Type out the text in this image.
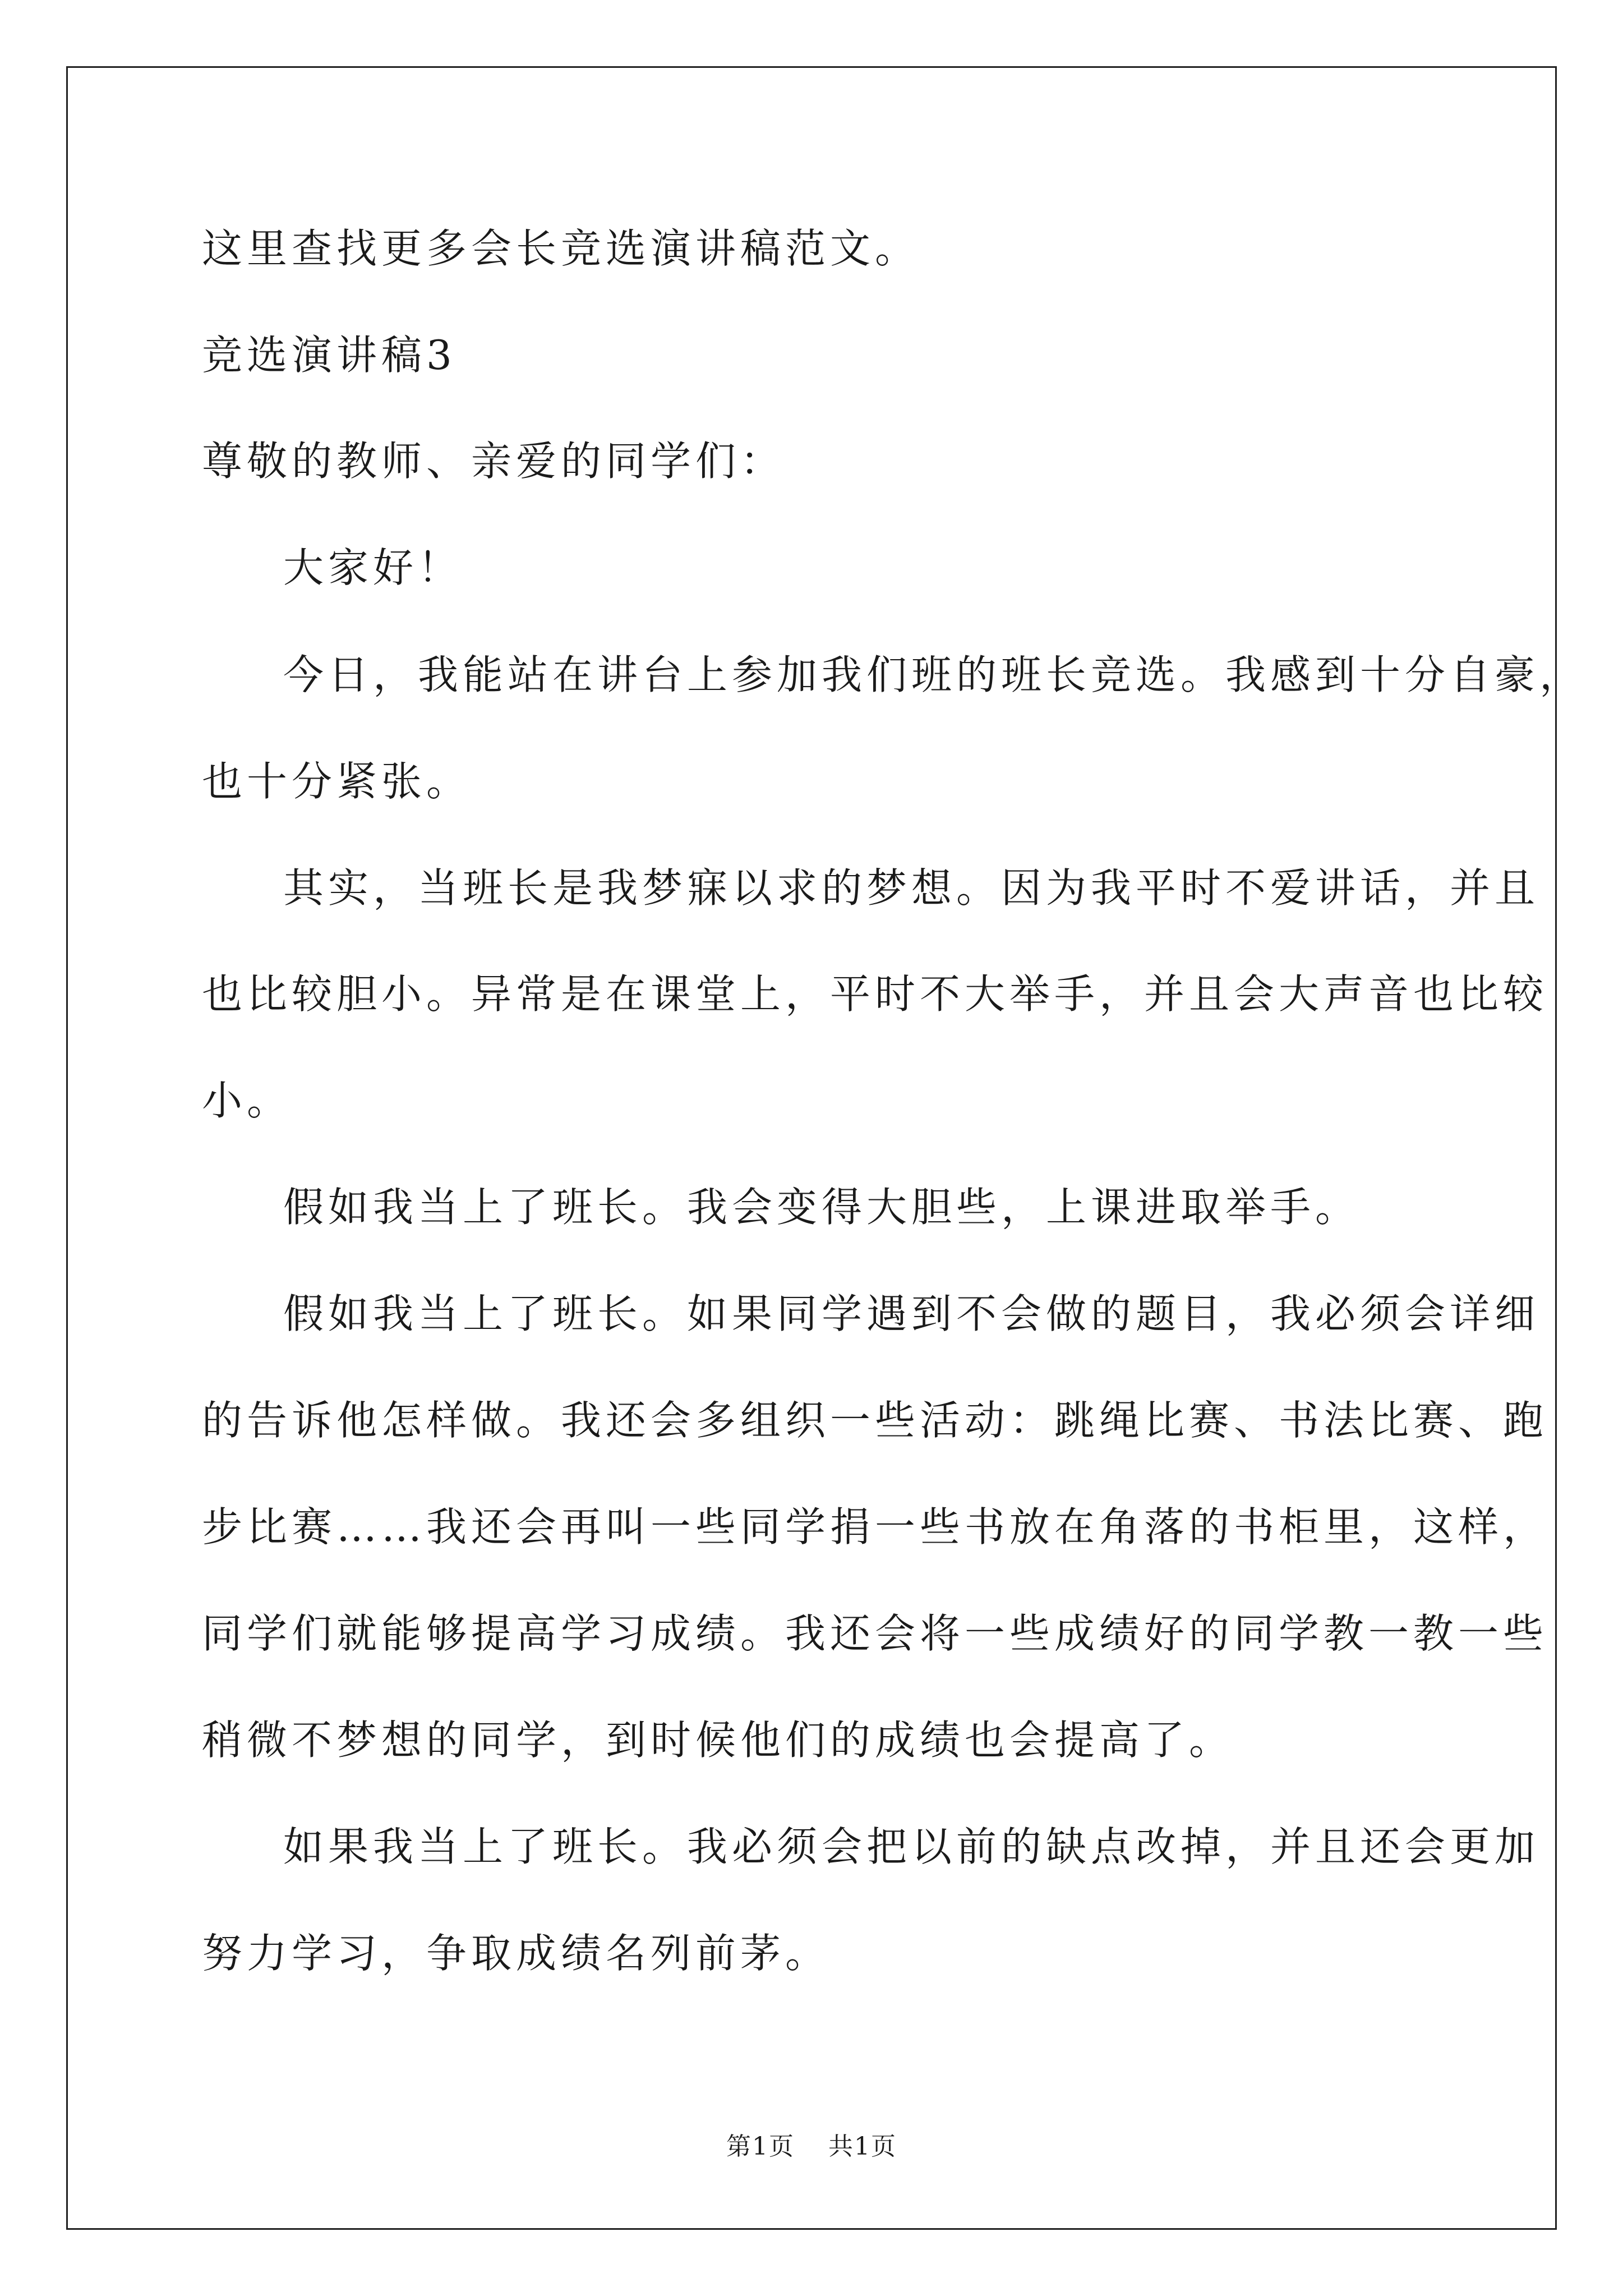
这里查找更多会长竞选演讲稿范文。
竞选演讲稿3
尊敬的教师、亲爱的同学们：
大家好！
今日，我能站在讲台上参加我们班的班长竞选。我感到十分自豪，
也十分紧张。
其实，当班长是我梦寐以求的梦想。因为我平时不爱讲话，并且
也比较胆小。异常是在课堂上，平时不大举手，并且会大声音也比较
小。
假如我当上了班长。我会变得大胆些，上课进取举手。
假如我当上了班长。如果同学遇到不会做的题目，我必须会详细
的告诉他怎样做。我还会多组织一些活动：跳绳比赛、书法比赛、跑
步比赛……我还会再叫一些同学捐一些书放在角落的书柜里，这样，
同学们就能够提高学习成绩。我还会将一些成绩好的同学教一教一些
稍微不梦想的同学，到时候他们的成绩也会提高了。
如果我当上了班长。我必须会把以前的缺点改掉，并且还会更加
努力学习，争取成绩名列前茅。
第1页 共1页
